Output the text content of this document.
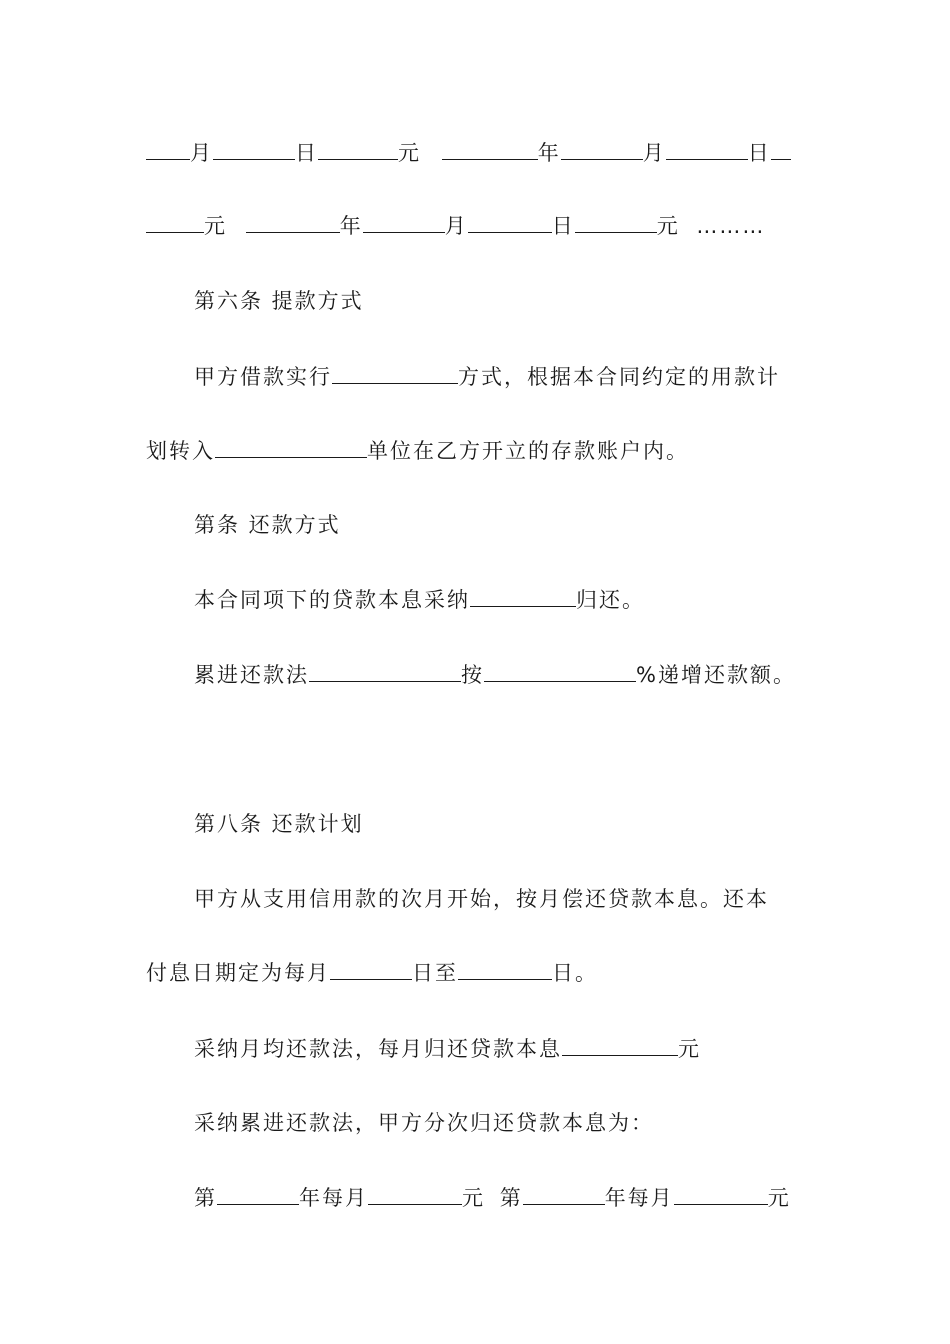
月	日	元	年	月	日
元	年	月	日	元 ………
第六条 提款方式
甲方借款实行	方式，根据本合同约定的用款计
划转入	单位在乙方开立的存款账户内。
第条 还款方式
本合同项下的贷款本息采纳	归还。
累进还款法	按	%递增还款额。
第八条 还款计划
甲方从支用信用款的次月开始，按月偿还贷款本息。还本
付息日期定为每月	日至	日。
采纳月均还款法，每月归还贷款本息	元
采纳累进还款法，甲方分次归还贷款本息为：
第	年每月	元 第	年每月	元
